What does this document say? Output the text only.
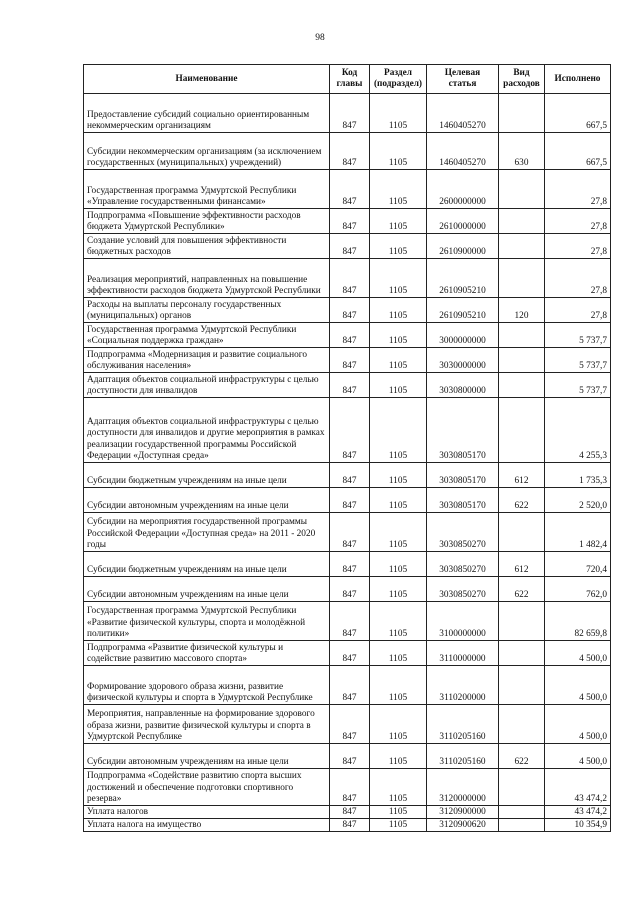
98
Наименование	Код главы	Раздел (подраздел)	Целевая статья	Вид расходов	Исполнено
Предоставление субсидий социально ориентированным некоммерческим организациям	847	1105	1460405270		667,5
Субсидии некоммерческим организациям (за исключением государственных (муниципальных) учреждений)	847	1105	1460405270	630	667,5
Государственная программа Удмуртской Республики «Управление государственными финансами»	847	1105	2600000000		27,8
Подпрограмма «Повышение эффективности расходов бюджета Удмуртской Республики»	847	1105	2610000000		27,8
Создание условий для повышения эффективности бюджетных расходов	847	1105	2610900000		27,8
Реализация мероприятий, направленных на повышение эффективности расходов бюджета Удмуртской Республики	847	1105	2610905210		27,8
Расходы на выплаты персоналу государственных (муниципальных) органов	847	1105	2610905210	120	27,8
Государственная программа Удмуртской Республики «Социальная поддержка граждан»	847	1105	3000000000		5 737,7
Подпрограмма «Модернизация и развитие социального обслуживания населения»	847	1105	3030000000		5 737,7
Адаптация объектов социальной инфраструктуры с целью доступности для инвалидов	847	1105	3030800000		5 737,7
Адаптация объектов социальной инфраструктуры с целью доступности для инвалидов и другие мероприятия в рамках реализации государственной программы Российской Федерации «Доступная среда»	847	1105	3030805170		4 255,3
Субсидии бюджетным учреждениям на иные цели	847	1105	3030805170	612	1 735,3
Субсидии автономным учреждениям на иные цели	847	1105	3030805170	622	2 520,0
Субсидии на мероприятия государственной программы Российской Федерации «Доступная среда» на 2011 - 2020 годы	847	1105	3030850270		1 482,4
Субсидии бюджетным учреждениям на иные цели	847	1105	3030850270	612	720,4
Субсидии автономным учреждениям на иные цели	847	1105	3030850270	622	762,0
Государственная программа Удмуртской Республики «Развитие физической культуры, спорта и молодёжной политики»	847	1105	3100000000		82 659,8
Подпрограмма «Развитие физической культуры и содействие развитию массового спорта»	847	1105	3110000000		4 500,0
Формирование здорового образа жизни, развитие физической культуры и спорта в Удмуртской Республике	847	1105	3110200000		4 500,0
Мероприятия, направленные на формирование здорового образа жизни, развитие физической культуры и спорта в Удмуртской Республике	847	1105	3110205160		4 500,0
Субсидии автономным учреждениям на иные цели	847	1105	3110205160	622	4 500,0
Подпрограмма «Содействие развитию спорта высших достижений и обеспечение подготовки спортивного резерва»	847	1105	3120000000		43 474,2
Уплата налогов	847	1105	3120900000		43 474,2
Уплата налога на имущество	847	1105	3120900620		10 354,9
